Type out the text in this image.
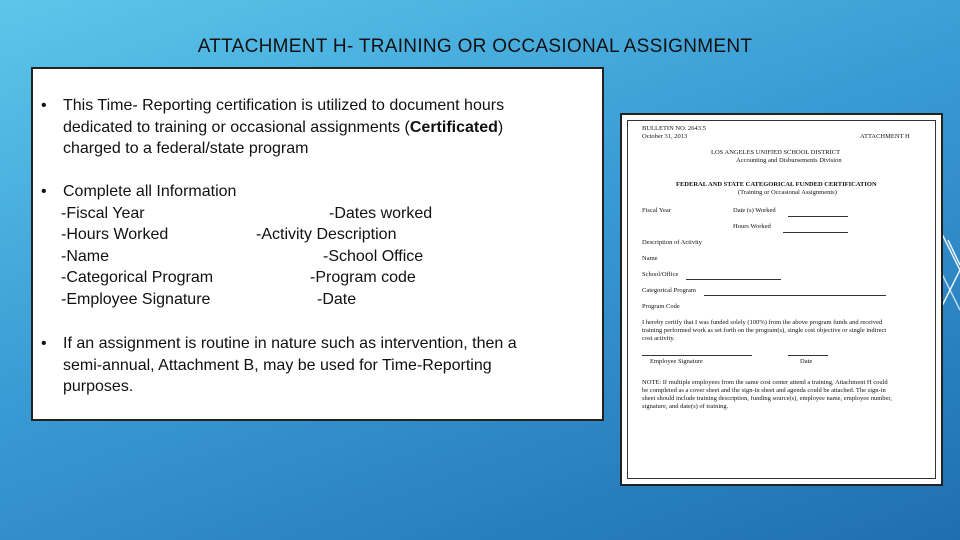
ATTACHMENT H- TRAINING OR OCCASIONAL ASSIGNMENT
•	This Time- Reporting certification is utilized to document hours
dedicated to training or occasional assignments (Certificated)
charged to a federal/state program
•	Complete all Information
-Fiscal Year	-Dates worked
-Hours Worked	-Activity Description
-Name	-School Office
-Categorical Program	-Program code
-Employee Signature	-Date
•	If an assignment is routine in nature such as intervention, then a
semi-annual, Attachment B, may be used for Time-Reporting
purposes.
BULLETIN NO. 2643.5
October 31, 2013	ATTACHMENT H
LOS ANGELES UNIFIED SCHOOL DISTRICT
Accounting and Disbursements Division
FEDERAL AND STATE CATEGORICAL FUNDED CERTIFICATION
(Training or Occasional Assignments)
Fiscal Year	Date (s) Worked
Hours Worked
Description of Activity
Name
School/Office
Categorical Program
Program Code
I hereby certify that I was funded solely (100%) from the above program funds and received
training performed work as set forth on the program(s), single cost objective or single indirect
cost activity.
Employee Signature	Date
NOTE: If multiple employees from the same cost center attend a training, Attachment H could
be completed as a cover sheet and the sign-in sheet and agenda could be attached. The sign-in
sheet should include training description, funding source(s), employee name, employee number,
signature, and date(s) of training.
